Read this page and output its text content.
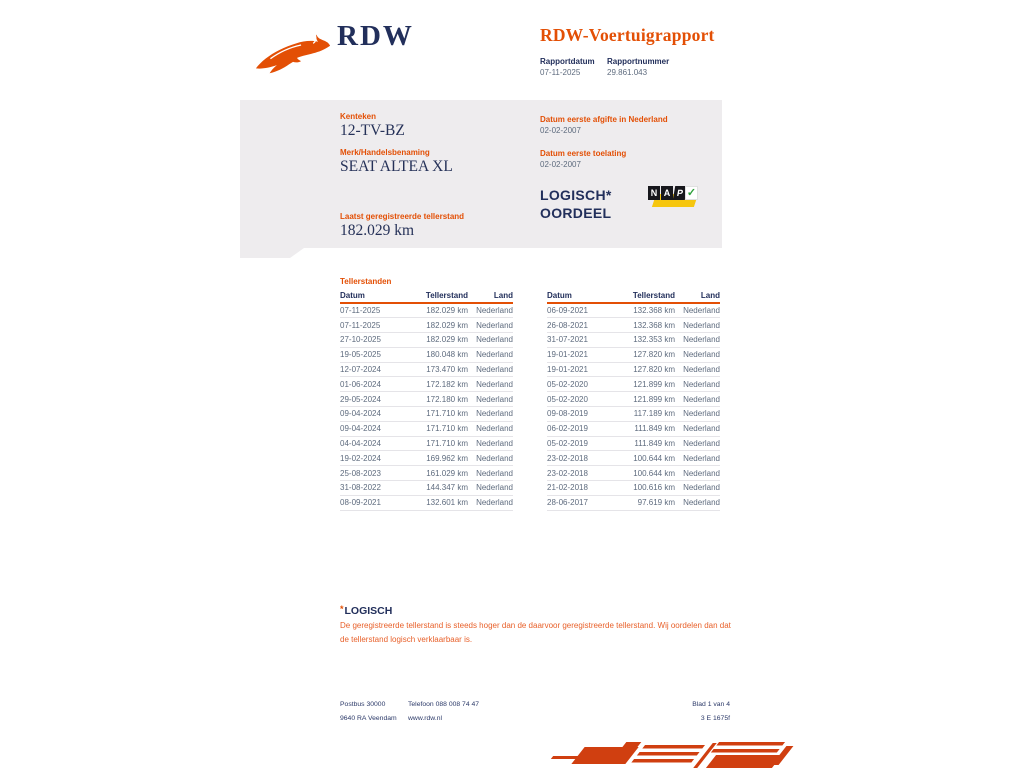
RDW	RDW-Voertuigrapport
Rapportdatum Rapportnummer
07-11-2025	29.861.043
Kenteken
12-TV-BZ
Merk/Handelsbenaming
SEAT ALTEA XL
Laatst geregistreerde tellerstand
182.029 km
Datum eerste afgifte in Nederland
02-02-2007
Datum eerste toelating
02-02-2007
LOGISCH*
OORDEEL
N A P ✓
Tellerstanden
Datum	Tellerstand	Land
07-11-2025	182.029 km	Nederland
07-11-2025	182.029 km	Nederland
27-10-2025	182.029 km	Nederland
19-05-2025	180.048 km	Nederland
12-07-2024	173.470 km	Nederland
01-06-2024	172.182 km	Nederland
29-05-2024	172.180 km	Nederland
09-04-2024	171.710 km	Nederland
09-04-2024	171.710 km	Nederland
04-04-2024	171.710 km	Nederland
19-02-2024	169.962 km	Nederland
25-08-2023	161.029 km	Nederland
31-08-2022	144.347 km	Nederland
08-09-2021	132.601 km	Nederland
Datum	Tellerstand	Land
06-09-2021	132.368 km	Nederland
26-08-2021	132.368 km	Nederland
31-07-2021	132.353 km	Nederland
19-01-2021	127.820 km	Nederland
19-01-2021	127.820 km	Nederland
05-02-2020	121.899 km	Nederland
05-02-2020	121.899 km	Nederland
09-08-2019	117.189 km	Nederland
06-02-2019	111.849 km	Nederland
05-02-2019	111.849 km	Nederland
23-02-2018	100.644 km	Nederland
23-02-2018	100.644 km	Nederland
21-02-2018	100.616 km	Nederland
28-06-2017	97.619 km	Nederland
*LOGISCH
De geregistreerde tellerstand is steeds hoger dan de daarvoor geregistreerde tellerstand. Wij oordelen dan dat de tellerstand logisch verklaarbaar is.
Postbus 30000
9640 RA Veendam
Telefoon 088 008 74 47
www.rdw.nl
Blad 1 van 4
3 E 1675f
